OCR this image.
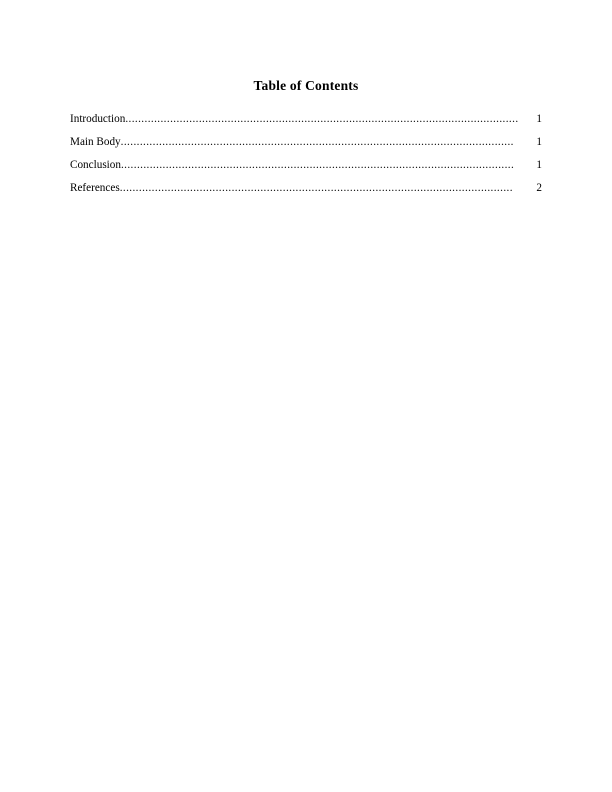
Table of Contents
Introduction ...........................................................................................................................	1
Main Body ...........................................................................................................................	1
Conclusion ...........................................................................................................................	1
References ...........................................................................................................................	2
